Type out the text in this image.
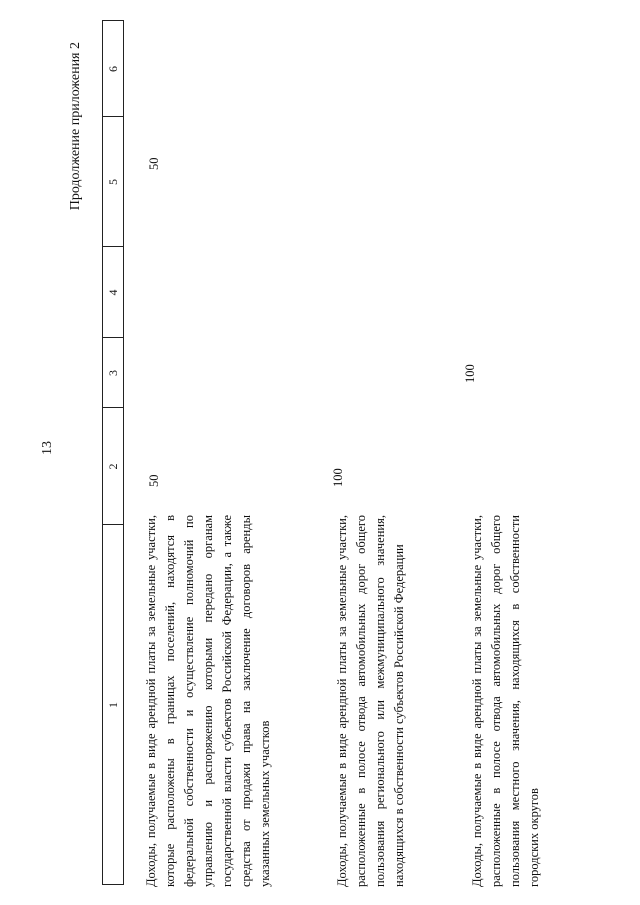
13
Продолжение приложения 2
1
2
3
4
5
6
Доходы, получаемые в виде арендной платы за земельные участки, которые расположены в границах поселений, находятся в федеральной собственности и осуществление полномочий по управлению и распоряжению которыми передано органам государственной власти субъектов Российской Федерации, а также средства от продажи права на заключение договоров аренды указанных земельных участков
50
50
Доходы, получаемые в виде арендной платы за земельные участки, расположенные в полосе отвода автомобильных дорог общего пользования регионального или межмуниципального значения, находящихся в собственности субъектов Российской Федерации
100
Доходы, получаемые в виде арендной платы за земельные участки, расположенные в полосе отвода автомобильных дорог общего пользования местного значения, находящихся в собственности городских округов
100
